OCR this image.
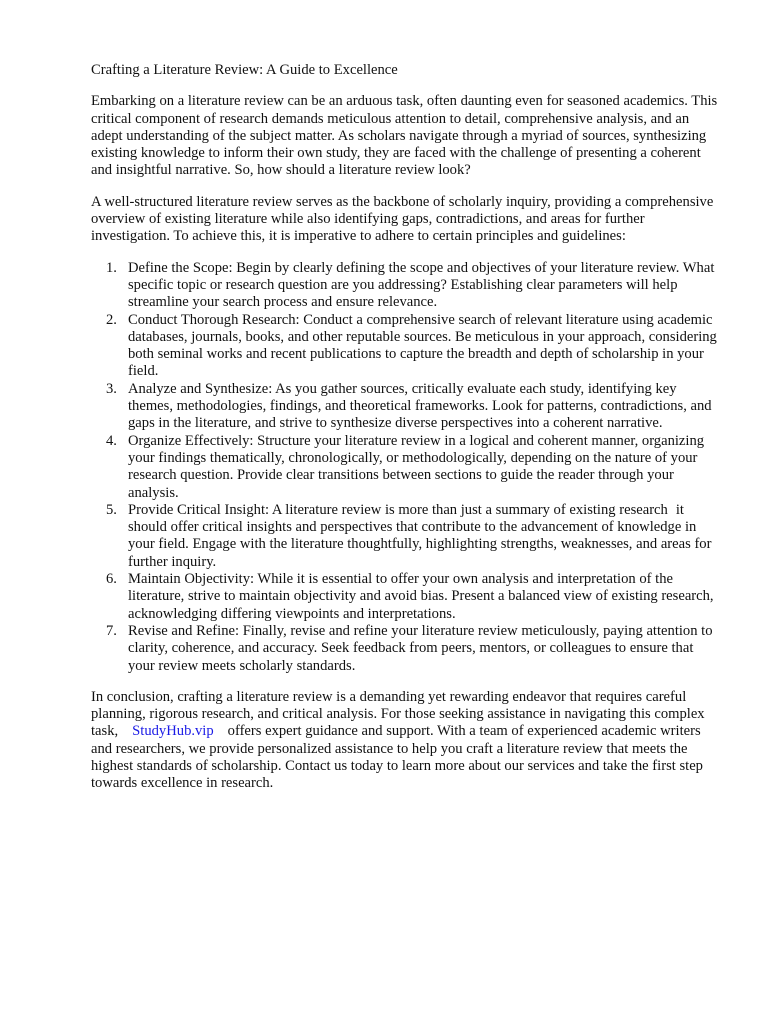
Crafting a Literature Review: A Guide to Excellence

Embarking on a literature review can be an arduous task, often daunting even for seasoned academics. This critical component of research demands meticulous attention to detail, comprehensive analysis, and an adept understanding of the subject matter. As scholars navigate through a myriad of sources, synthesizing existing knowledge to inform their own study, they are faced with the challenge of presenting a coherent and insightful narrative. So, how should a literature review look?

A well-structured literature review serves as the backbone of scholarly inquiry, providing a comprehensive overview of existing literature while also identifying gaps, contradictions, and areas for further investigation. To achieve this, it is imperative to adhere to certain principles and guidelines:

1. Define the Scope: Begin by clearly defining the scope and objectives of your literature review. What specific topic or research question are you addressing? Establishing clear parameters will help streamline your search process and ensure relevance.
2. Conduct Thorough Research: Conduct a comprehensive search of relevant literature using academic databases, journals, books, and other reputable sources. Be meticulous in your approach, considering both seminal works and recent publications to capture the breadth and depth of scholarship in your field.
3. Analyze and Synthesize: As you gather sources, critically evaluate each study, identifying key themes, methodologies, findings, and theoretical frameworks. Look for patterns, contradictions, and gaps in the literature, and strive to synthesize diverse perspectives into a coherent narrative.
4. Organize Effectively: Structure your literature review in a logical and coherent manner, organizing your findings thematically, chronologically, or methodologically, depending on the nature of your research question. Provide clear transitions between sections to guide the reader through your analysis.
5. Provide Critical Insight: A literature review is more than just a summary of existing research it should offer critical insights and perspectives that contribute to the advancement of knowledge in your field. Engage with the literature thoughtfully, highlighting strengths, weaknesses, and areas for further inquiry.
6. Maintain Objectivity: While it is essential to offer your own analysis and interpretation of the literature, strive to maintain objectivity and avoid bias. Present a balanced view of existing research, acknowledging differing viewpoints and interpretations.
7. Revise and Refine: Finally, revise and refine your literature review meticulously, paying attention to clarity, coherence, and accuracy. Seek feedback from peers, mentors, or colleagues to ensure that your review meets scholarly standards.

In conclusion, crafting a literature review is a demanding yet rewarding endeavor that requires careful planning, rigorous research, and critical analysis. For those seeking assistance in navigating this complex task, StudyHub.vip offers expert guidance and support. With a team of experienced academic writers and researchers, we provide personalized assistance to help you craft a literature review that meets the highest standards of scholarship. Contact us today to learn more about our services and take the first step towards excellence in research.
